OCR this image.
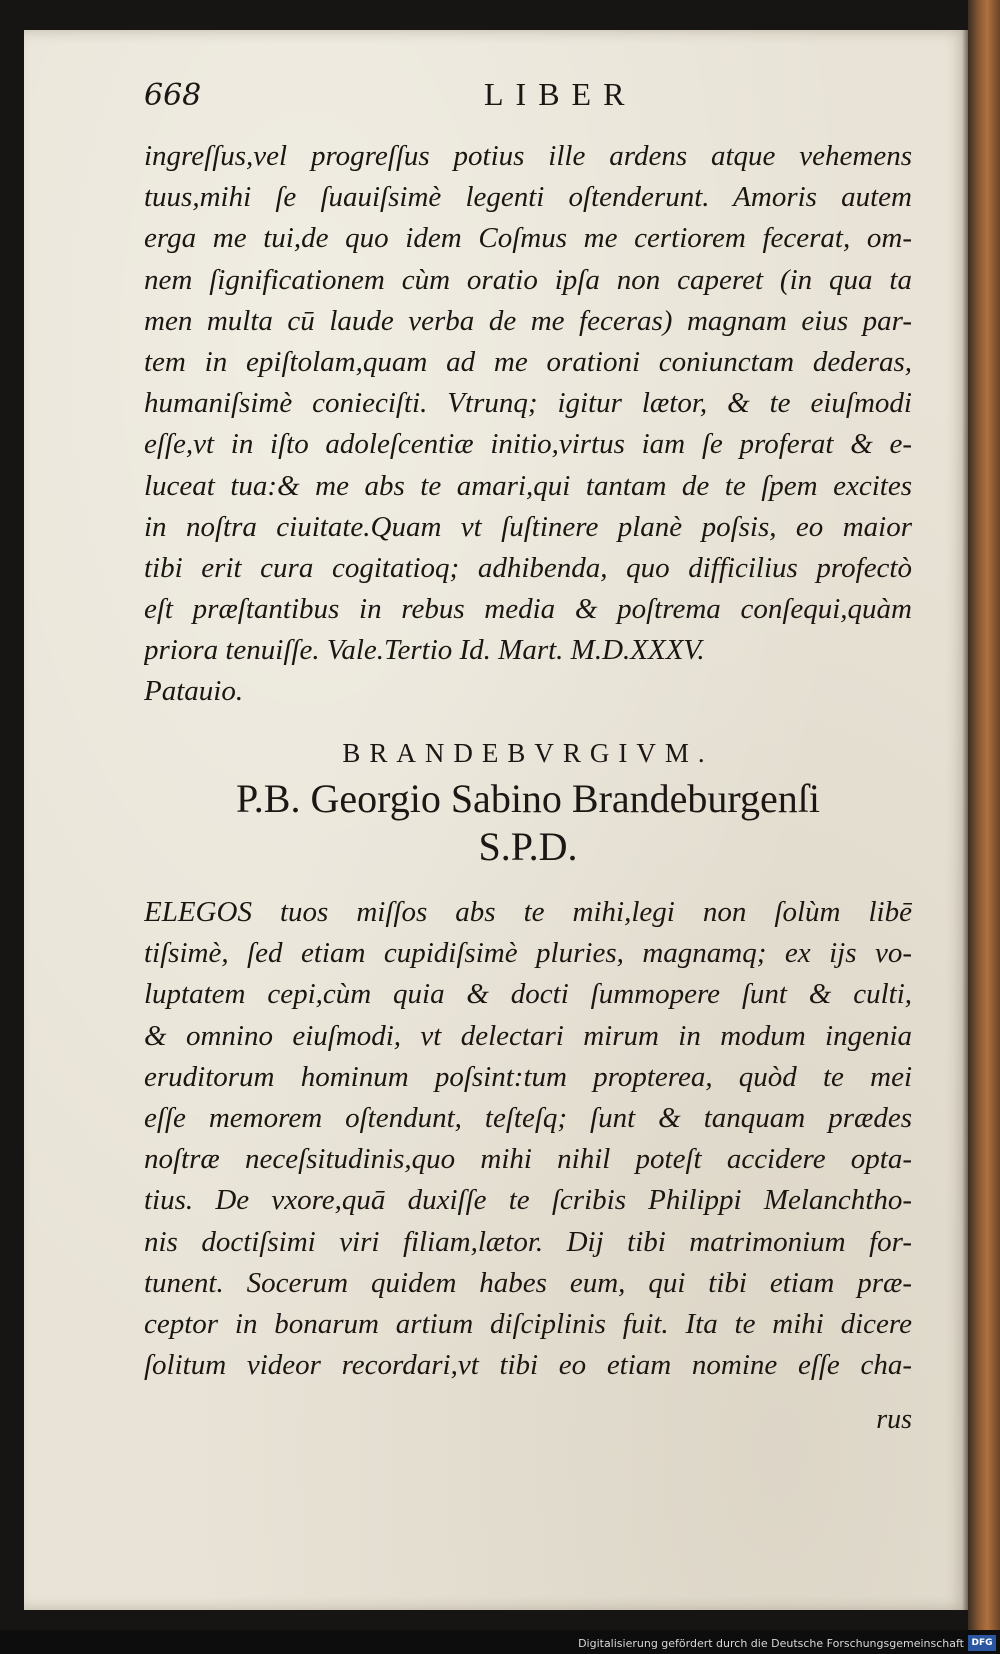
668	LIBER
ingreſſus,vel progreſſus potius ille ardens atque vehemens
tuus,mihi ſe ſuauiſsimè legenti oſtenderunt. Amoris autem
erga me tui,de quo idem Coſmus me certiorem fecerat, om-
nem ſignificationem cùm oratio ipſa non caperet (in qua ta
men multa cū laude verba de me feceras) magnam eius par-
tem in epiſtolam,quam ad me orationi coniunctam dederas,
humaniſsimè conieciſti. Vtrunq; igitur lætor, & te eiuſmodi
eſſe,vt in iſto adoleſcentiæ initio,virtus iam ſe proferat & e-
luceat tua:& me abs te amari,qui tantam de te ſpem excites
in noſtra ciuitate.Quam vt ſuſtinere planè poſsis, eo maior
tibi erit cura cogitatioq; adhibenda, quo difficilius profectò
eſt præſtantibus in rebus media & poſtrema conſequi,quàm
priora tenuiſſe. Vale.Tertio Id. Mart. M.D.XXXV.
Patauio.
BRANDEBVRGIVM.
P.B. Georgio Sabino Brandeburgenſi
S.P.D.
ELEGOS tuos miſſos abs te mihi,legi non ſolùm libē
tiſsimè, ſed etiam cupidiſsimè pluries, magnamq; ex ijs vo-
luptatem cepi,cùm quia & docti ſummopere ſunt & culti,
& omnino eiuſmodi, vt delectari mirum in modum ingenia
eruditorum hominum poſsint:tum propterea, quòd te mei
eſſe memorem oſtendunt, teſteſq; ſunt & tanquam prædes
noſtræ neceſsitudinis,quo mihi nihil poteſt accidere opta-
tius. De vxore,quā duxiſſe te ſcribis Philippi Melanchtho-
nis doctiſsimi viri filiam,lætor. Dij tibi matrimonium for-
tunent. Socerum quidem habes eum, qui tibi etiam præ-
ceptor in bonarum artium diſciplinis fuit. Ita te mihi dicere
ſolitum videor recordari,vt tibi eo etiam nomine eſſe cha-
rus
Digitalisierung gefördert durch die Deutsche Forschungsgemeinschaft DFG
